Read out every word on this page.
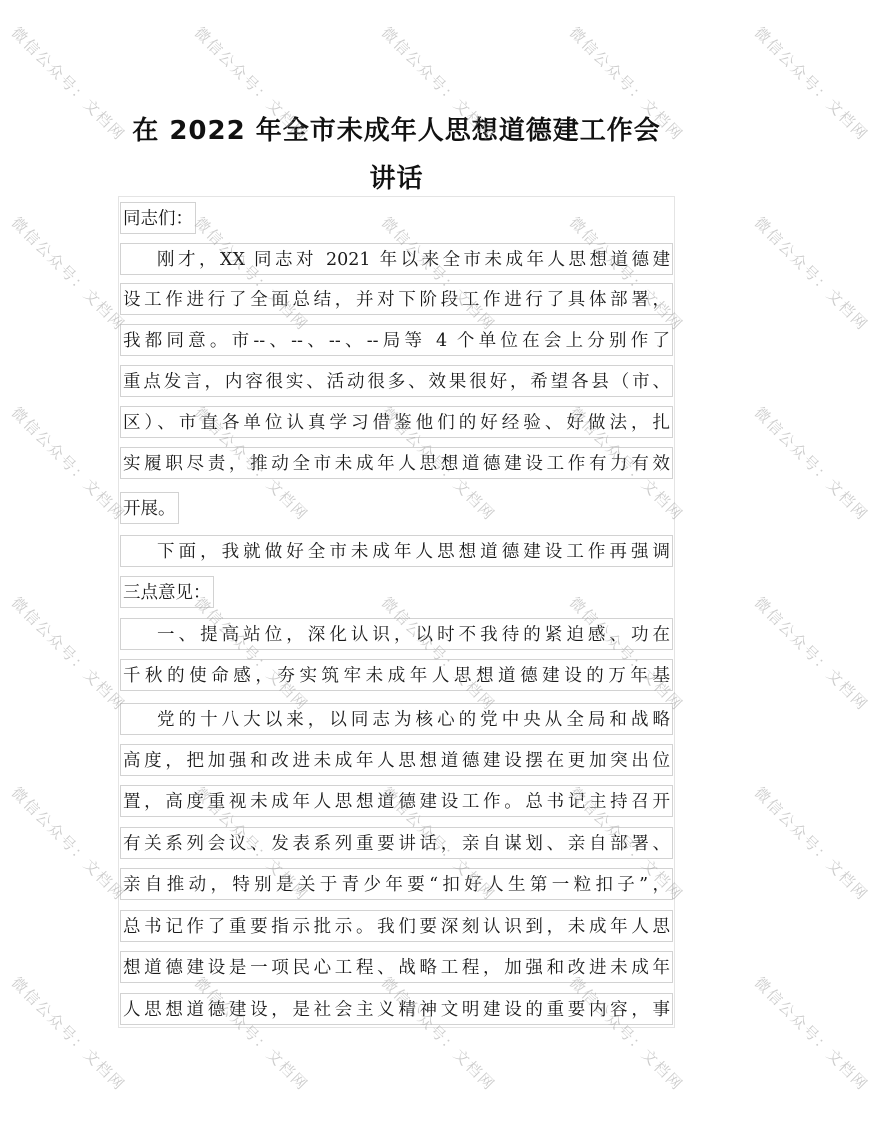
微信公众号：文档网	微信公众号：文档网	微信公众号：文档网	微信公众号：文档网	微信公众号：文档网
微信公众号：文档网	微信公众号：文档网	微信公众号：文档网	微信公众号：文档网	微信公众号：文档网
微信公众号：文档网	微信公众号：文档网	微信公众号：文档网	微信公众号：文档网	微信公众号：文档网
微信公众号：文档网	微信公众号：文档网	微信公众号：文档网	微信公众号：文档网	微信公众号：文档网
微信公众号：文档网	微信公众号：文档网	微信公众号：文档网	微信公众号：文档网	微信公众号：文档网
微信公众号：文档网	微信公众号：文档网	微信公众号：文档网	微信公众号：文档网	微信公众号：文档网
在 2022 年全市未成年人思想道德建工作会
讲话
同志们：
刚才，XX 同志对 2021 年以来全市未成年人思想道德建
设工作进行了全面总结，并对下阶段工作进行了具体部署，
我都同意。市--、--、--、--局等 4 个单位在会上分别作了
重点发言，内容很实、活动很多、效果很好，希望各县（市、
区）、市直各单位认真学习借鉴他们的好经验、好做法，扎
实履职尽责，推动全市未成年人思想道德建设工作有力有效
开展。
下面，我就做好全市未成年人思想道德建设工作再强调
三点意见：
一、提高站位，深化认识，以时不我待的紧迫感、功在
千秋的使命感，夯实筑牢未成年人思想道德建设的万年基
党的十八大以来，以同志为核心的党中央从全局和战略
高度，把加强和改进未成年人思想道德建设摆在更加突出位
置，高度重视未成年人思想道德建设工作。总书记主持召开
有关系列会议、发表系列重要讲话，亲自谋划、亲自部署、
亲自推动，特别是关于青少年要“扣好人生第一粒扣子”，
总书记作了重要指示批示。我们要深刻认识到，未成年人思
想道德建设是一项民心工程、战略工程，加强和改进未成年
人思想道德建设，是社会主义精神文明建设的重要内容，事
